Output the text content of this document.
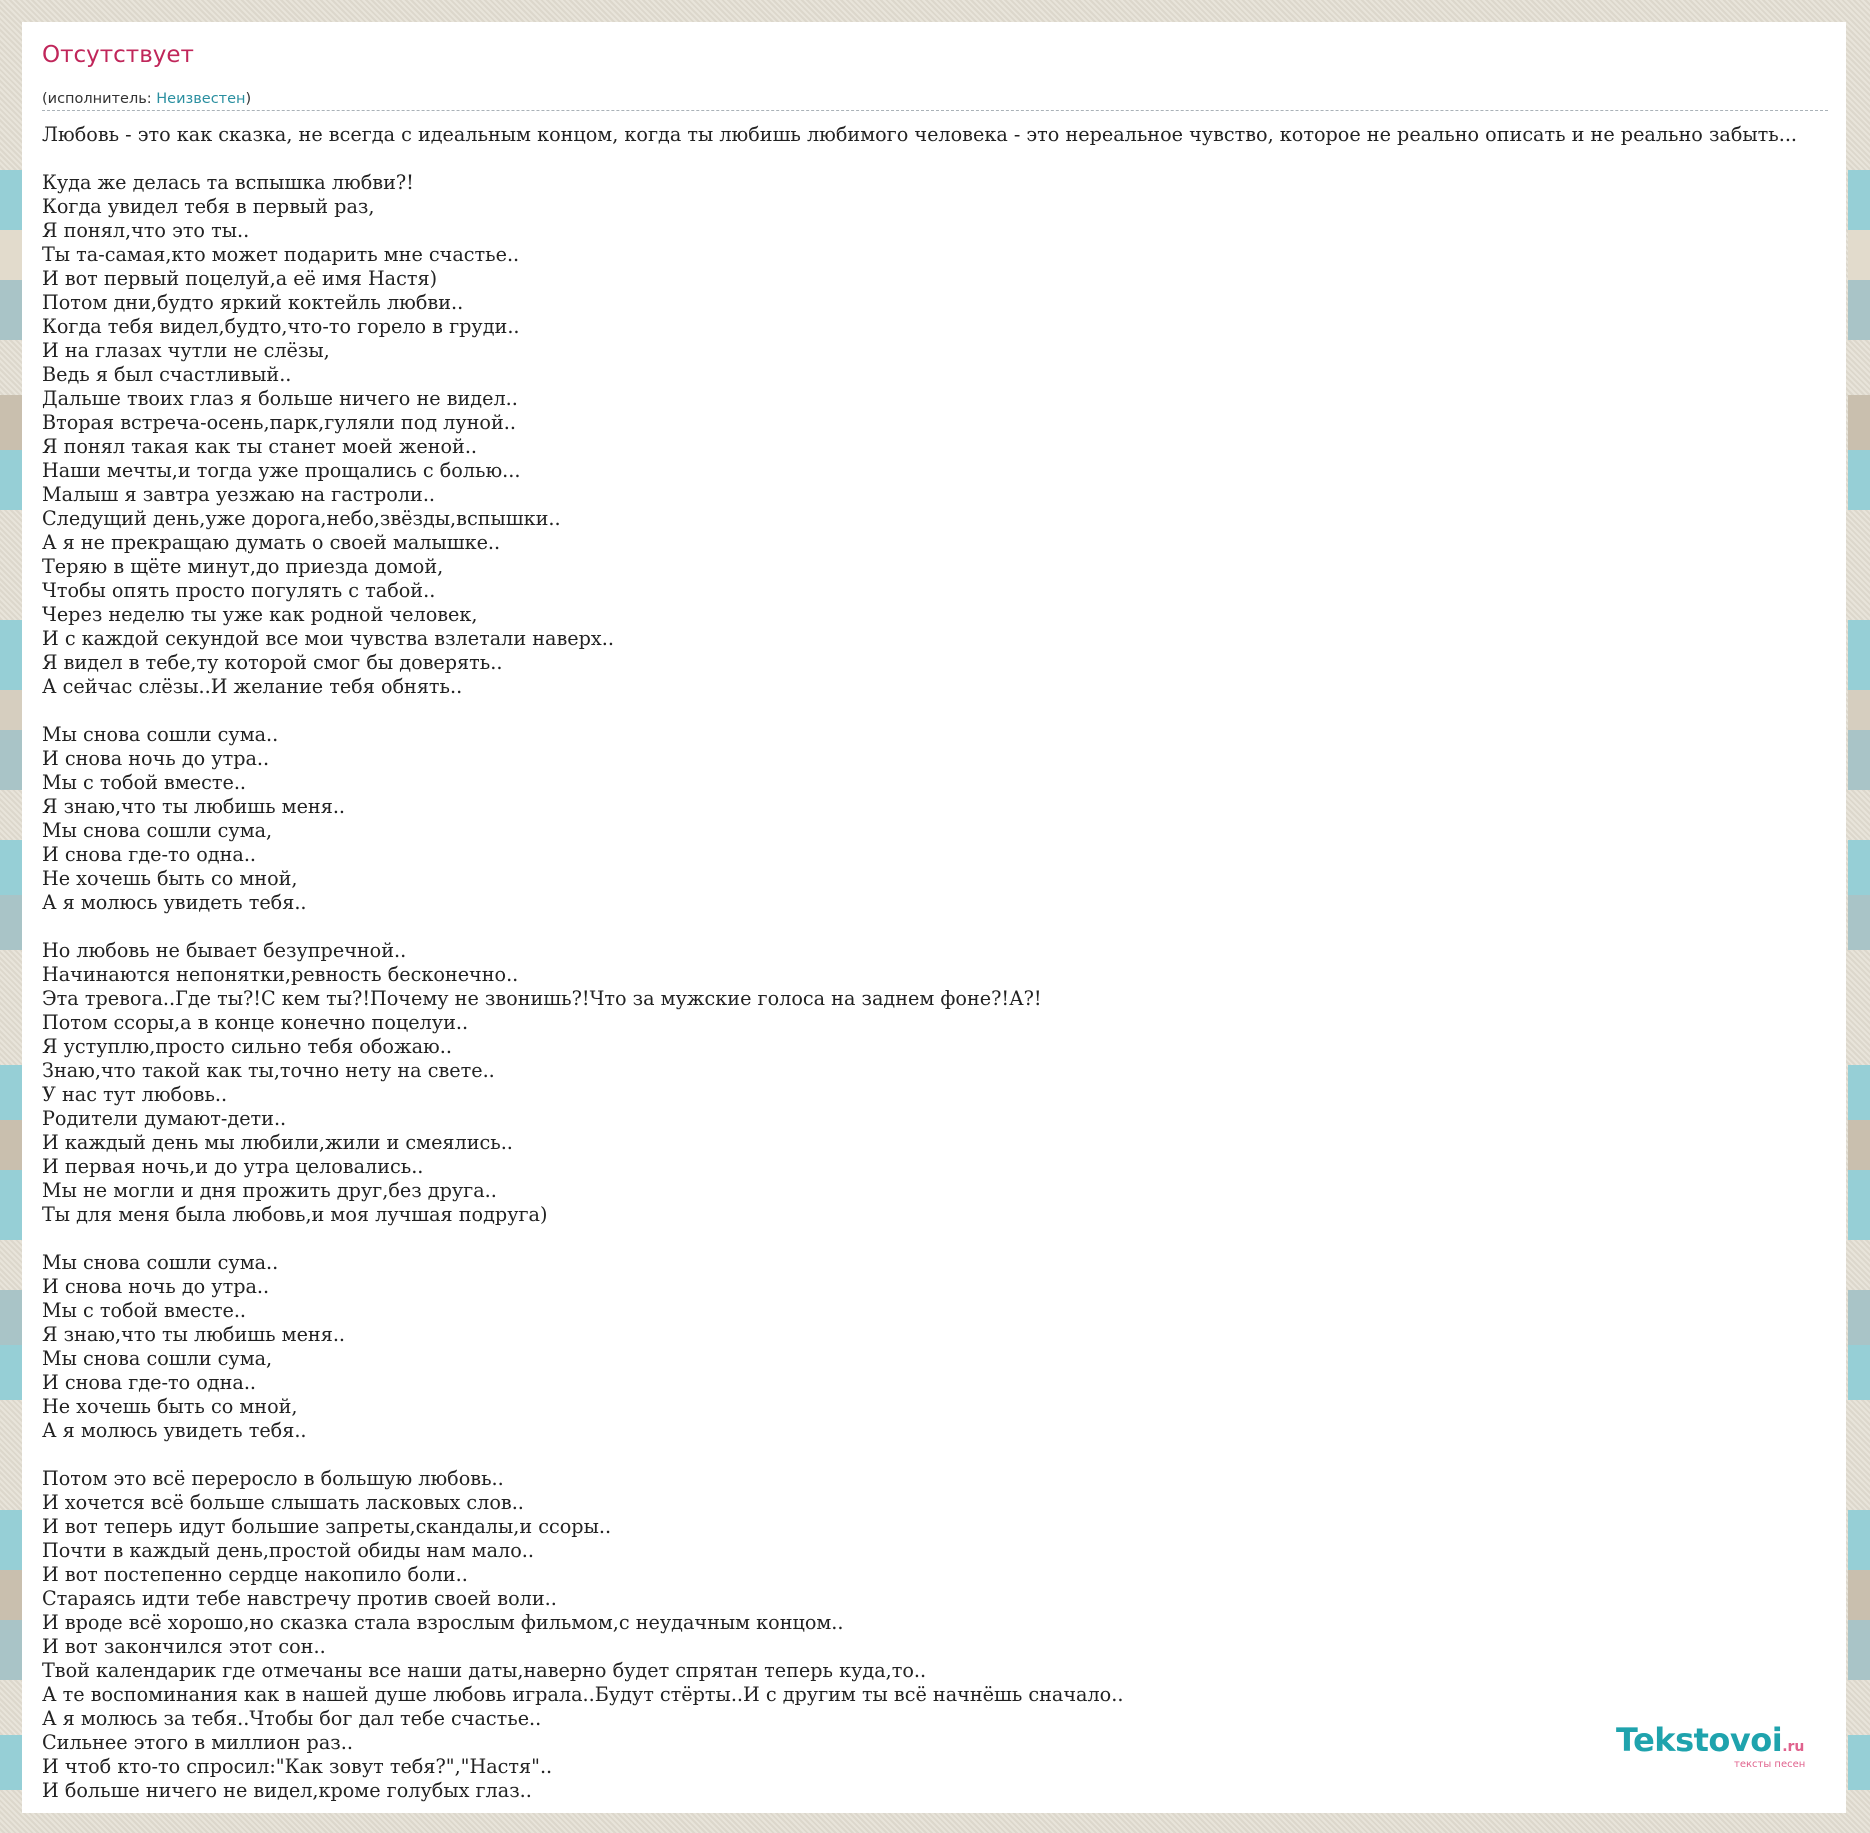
Отсутствует
(исполнитель: Неизвестен)
Любовь - это как сказка, не всегда с идеальным концом, когда ты любишь любимого человека - это нереальное чувство, которое не реально описать и не реально забыть...

Куда же делась та вспышка любви?!
Когда увидел тебя в первый раз,
Я понял,что это ты..
Ты та-самая,кто может подарить мне счастье..
И вот первый поцелуй,а её имя Настя)
Потом дни,будто яркий коктейль любви..
Когда тебя видел,будто,что-то горело в груди..
И на глазах чутли не слёзы,
Ведь я был счастливый..
Дальше твоих глаз я больше ничего не видел..
Вторая встреча-осень,парк,гуляли под луной..
Я понял такая как ты станет моей женой..
Наши мечты,и тогда уже прощались с болью...
Малыш я завтра уезжаю на гастроли..
Следущий день,уже дорога,небо,звёзды,вспышки..
А я не прекращаю думать о своей малышке..
Теряю в щёте минут,до приезда домой,
Чтобы опять просто погулять с табой..
Через неделю ты уже как родной человек,
И с каждой секундой все мои чувства взлетали наверх..
Я видел в тебе,ту которой смог бы доверять..
А сейчас слёзы..И желание тебя обнять..

Мы снова сошли сума..
И снова ночь до утра..
Мы с тобой вместе..
Я знаю,что ты любишь меня..
Мы снова сошли сума,
И снова где-то одна..
Не хочешь быть со мной,
А я молюсь увидеть тебя..

Но любовь не бывает безупречной..
Начинаются непонятки,ревность бесконечно..
Эта тревога..Где ты?!С кем ты?!Почему не звонишь?!Что за мужские голоса на заднем фоне?!А?!
Потом ссоры,а в конце конечно поцелуи..
Я уступлю,просто сильно тебя обожаю..
Знаю,что такой как ты,точно нету на свете..
У нас тут любовь..
Родители думают-дети..
И каждый день мы любили,жили и смеялись..
И первая ночь,и до утра целовались..
Мы не могли и дня прожить друг,без друга..
Ты для меня была любовь,и моя лучшая подруга)

Мы снова сошли сума..
И снова ночь до утра..
Мы с тобой вместе..
Я знаю,что ты любишь меня..
Мы снова сошли сума,
И снова где-то одна..
Не хочешь быть со мной,
А я молюсь увидеть тебя..

Потом это всё переросло в большую любовь..
И хочется всё больше слышать ласковых слов..
И вот теперь идут большие запреты,скандалы,и ссоры..
Почти в каждый день,простой обиды нам мало..
И вот постепенно сердце накопило боли..
Стараясь идти тебе навстречу против своей воли..
И вроде всё хорошо,но сказка стала взрослым фильмом,с неудачным концом..
И вот закончился этот сон..
Твой календарик где отмечаны все наши даты,наверно будет спрятан теперь куда,то..
А те воспоминания как в нашей душе любовь играла..Будут стёрты..И с другим ты всё начнёшь сначало..
А я молюсь за тебя..Чтобы бог дал тебе счастье..
Сильнее этого в миллион раз..
И чтоб кто-то спросил:"Как зовут тебя?","Настя"..
И больше ничего не видел,кроме голубых глаз..
Tekstovoi.ru
тексты песен
